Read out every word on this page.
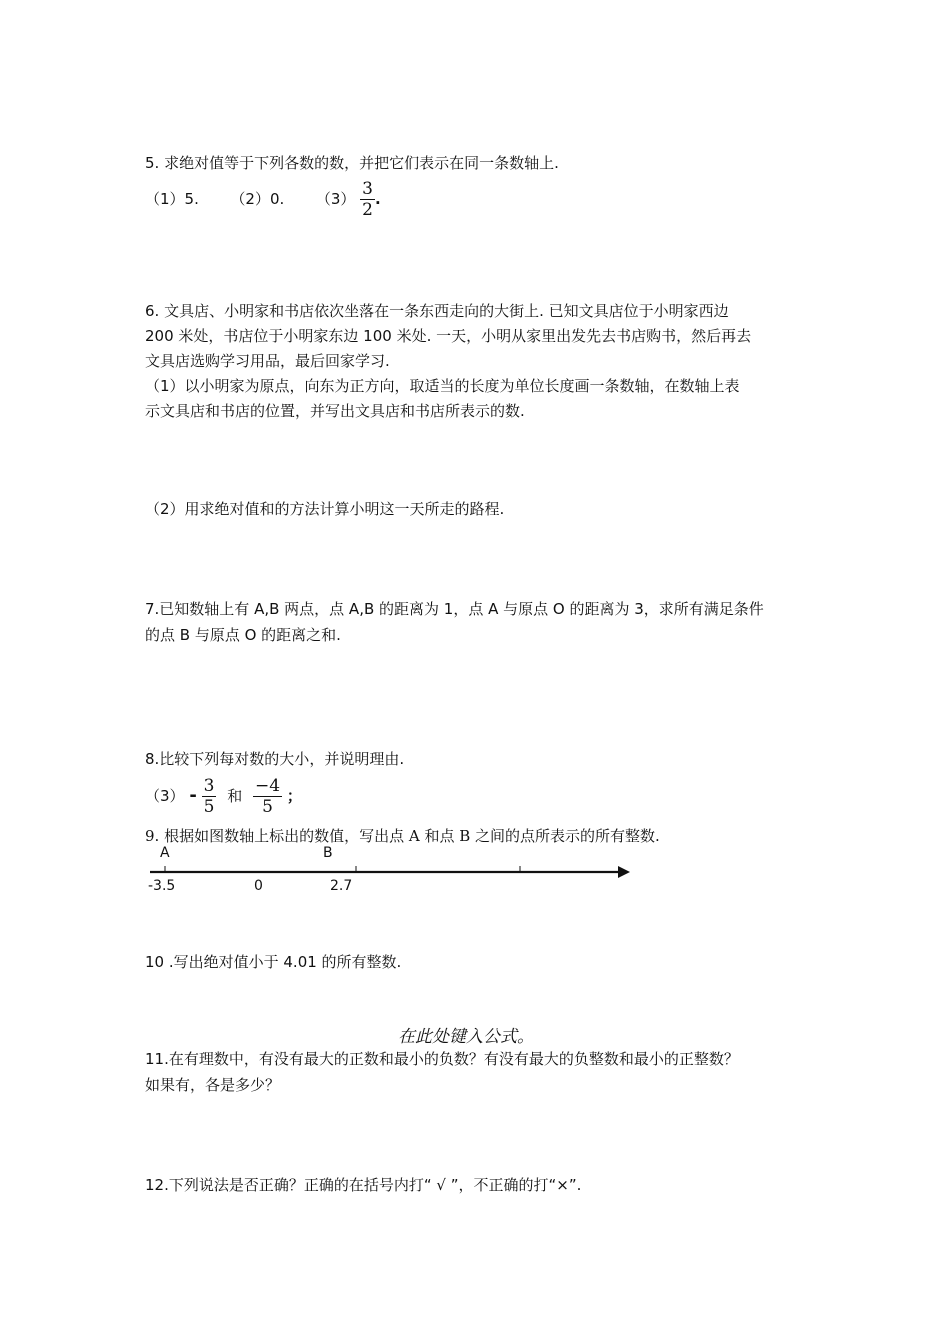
5. 求绝对值等于下列各数的数，并把它们表示在同一条数轴上.
（1）5. （2）0. $(3) \frac{3}{2}$ .
6. 文具店、小明家和书店依次坐落在一条东西走向的大街上. 已知文具店位于小明家西边
200 米处，书店位于小明家东边 100 米处. 一天，小明从家里出发先去书店购书，然后再去
文具店选购学习用品，最后回家学习.
（1）以小明家为原点，向东为正方向，取适当的长度为单位长度画一条数轴，在数轴上表
示文具店和书店的位置，并写出文具店和书店所表示的数.
（2）用求绝对值和的方法计算小明这一天所走的路程.
7.已知数轴上有 A,B 两点，点 A,B 的距离为 1，点 A 与原点 O 的距离为 3，求所有满足条件
的点 B 与原点 O 的距离之和.
8.比较下列每对数的大小，并说明理由.
$(3) - \frac{3}{5}$ 和 $\frac{-4}{5}$ ；
9. 根据如图数轴上标出的数值，写出点 A 和点 B 之间的点所表示的所有整数.
A	B
-3.5	0	2.7
10 .写出绝对值小于 4.01 的所有整数.
在此处键入公式。
11.在有理数中，有没有最大的正数和最小的负数？有没有最大的负整数和最小的正整数？
如果有，各是多少？
12.下列说法是否正确？正确的在括号内打“ √ ”，不正确的打“×”.
